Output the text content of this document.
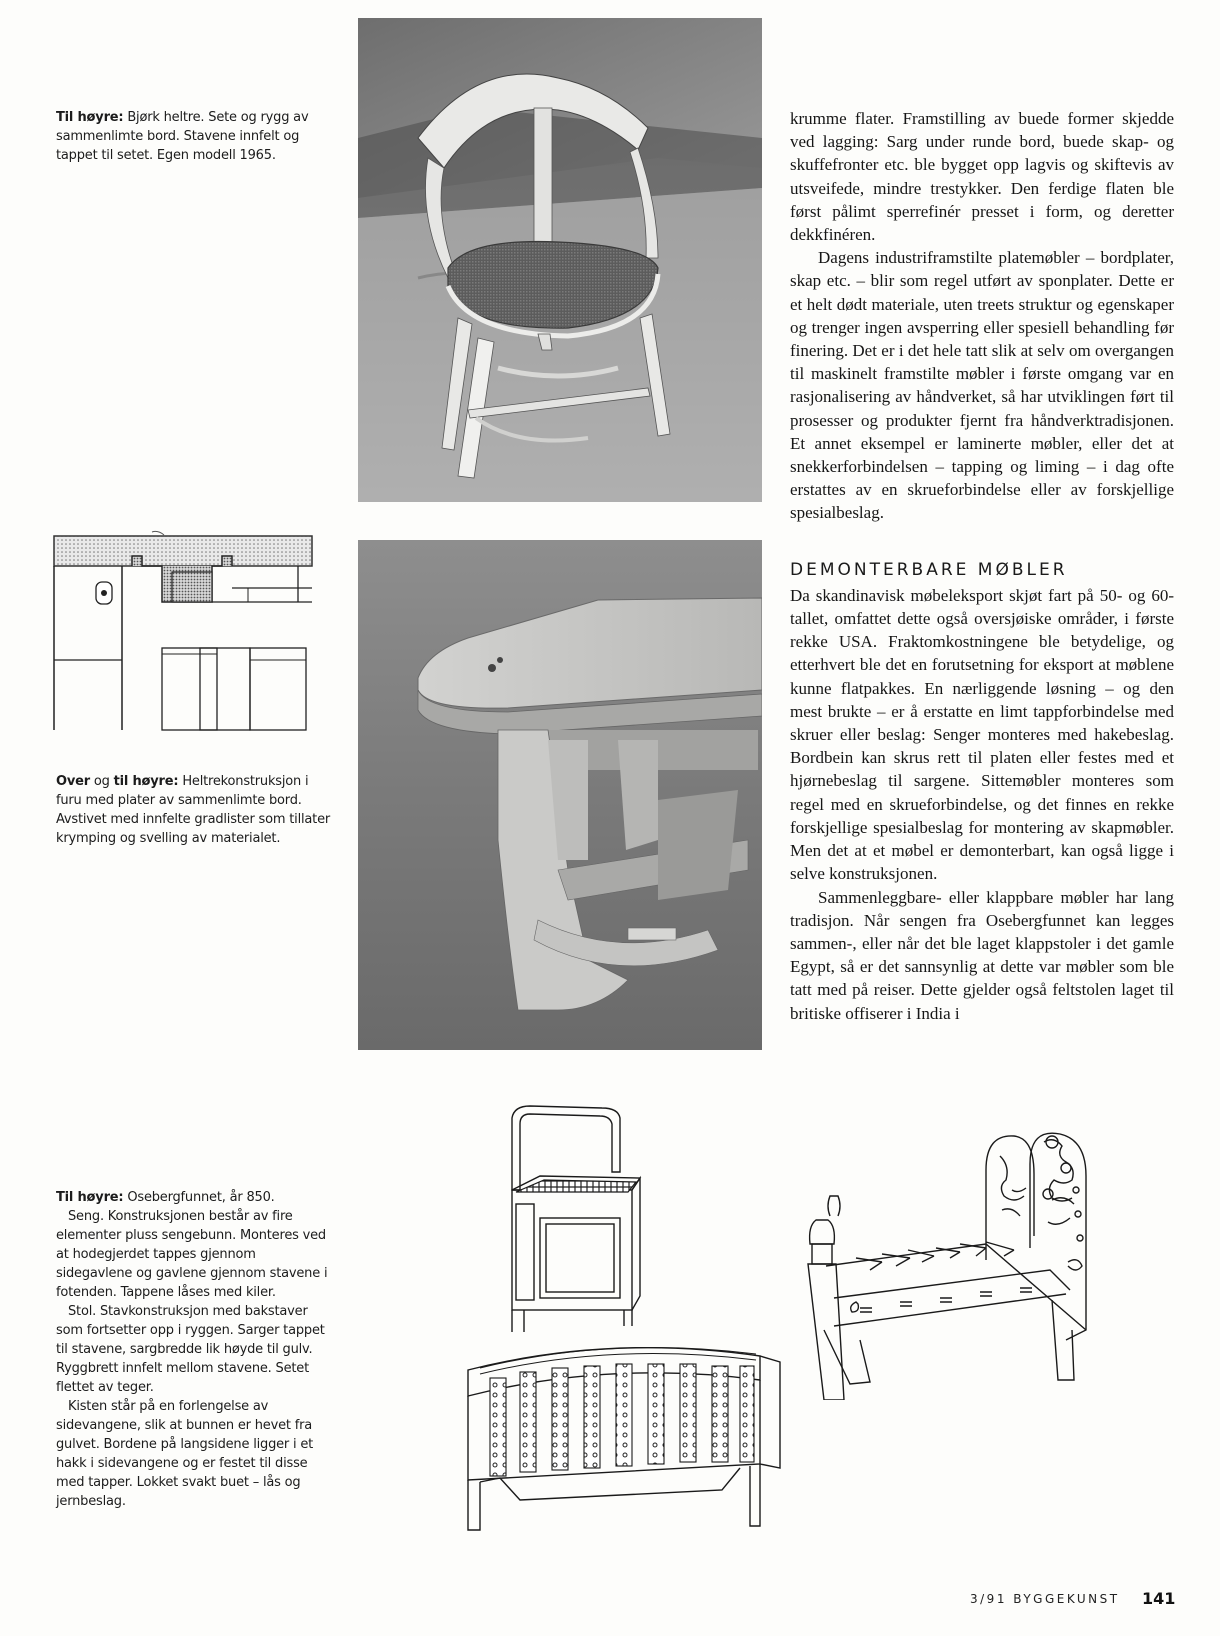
Til høyre: Bjørk heltre. Sete og rygg av sammenlimte bord. Stavene innfelt og tappet til setet. Egen modell 1965.
Over og til høyre: Heltrekonstruksjon i furu med plater av sammenlimte bord. Avstivet med innfelte gradlister som tillater krymping og svelling av materialet.

Til høyre: Osebergfunnet, år 850.

Seng. Konstruksjonen består av fire elementer pluss sengebunn. Monteres ved at hodegjerdet tappes gjennom sidegavlene og gavlene gjennom stavene i fotenden. Tappene låses med kiler.

Stol. Stavkonstruksjon med bakstaver som fortsetter opp i ryggen. Sarger tappet til stavene, sargbredde lik høyde til gulv. Ryggbrett innfelt mellom stavene. Setet flettet av teger.

Kisten står på en forlengelse av sidevangene, slik at bunnen er hevet fra gulvet. Bordene på langsidene ligger i et hakk i sidevangene og er festet til disse med tapper. Lokket svakt buet – lås og jernbeslag.

krumme flater. Framstilling av buede former skjedde ved lagging: Sarg under runde bord, buede skap- og skuffefronter etc. ble bygget opp lagvis og skiftevis av utsveifede, mindre trestykker. Den ferdige flaten ble først pålimt sperrefinér presset i form, og deretter dekkfinéren.

Dagens industriframstilte platemøbler – bordplater, skap etc. – blir som regel utført av sponplater. Dette er et helt dødt materiale, uten treets struktur og egenskaper og trenger ingen avsperring eller spesiell behandling før finering. Det er i det hele tatt slik at selv om overgangen til maskinelt framstilte møbler i første omgang var en rasjonalisering av håndverket, så har utviklingen ført til prosesser og produkter fjernt fra håndverktradisjonen. Et annet eksempel er laminerte møbler, eller det at snekkerforbindelsen – tapping og liming – i dag ofte erstattes av en skrueforbindelse eller av forskjellige spesialbeslag.

DEMONTERBARE MØBLER

Da skandinavisk møbeleksport skjøt fart på 50- og 60-tallet, omfattet dette også oversjøiske områder, i første rekke USA. Fraktomkostningene ble betydelige, og etterhvert ble det en forutsetning for eksport at møblene kunne flatpakkes. En nærliggende løsning – og den mest brukte – er å erstatte en limt tappforbindelse med skruer eller beslag: Senger monteres med hakebeslag. Bordbein kan skrus rett til platen eller festes med et hjørnebeslag til sargene. Sittemøbler monteres som regel med en skrueforbindelse, og det finnes en rekke forskjellige spesialbeslag for montering av skapmøbler. Men det at et møbel er demonterbart, kan også ligge i selve konstruksjonen.

Sammenleggbare- eller klappbare møbler har lang tradisjon. Når sengen fra Osebergfunnet kan legges sammen-, eller når det ble laget klappstoler i det gamle Egypt, så er det sannsynlig at dette var møbler som ble tatt med på reiser. Dette gjelder også feltstolen laget til britiske offiserer i India i

3/91 BYGGEKUNST 141
